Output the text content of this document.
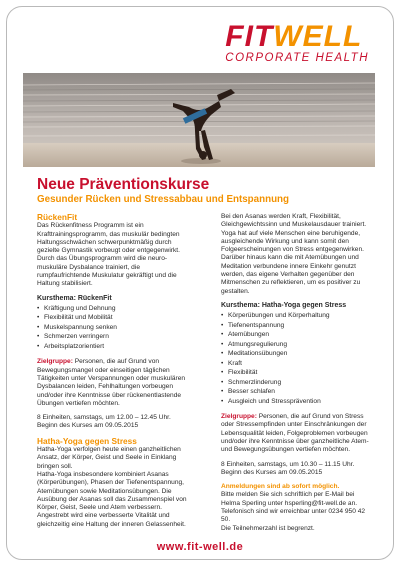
FITWELL
CORPORATE HEALTH
Neue Präventionskurse
Gesunder Rücken und Stressabbau und Entspannung
RückenFit

Das Rückenfitness Programm ist ein Krafttrainingsprogramm, das muskulär bedingten Haltungsschwächen schwerpunktmäßig durch gezielte Gymnastik vorbeugt oder entgegenwirkt. Durch das Übungsprogramm wird die neuro-muskuläre Dysbalance trainiert, die rumpfaufrichtende Muskulatur gekräftigt und die Haltung stabilisiert.

Kursthema: RückenFit
• Kräftigung und Dehnung
• Flexibilität und Mobilität
• Muskelspannung senken
• Schmerzen verringern
• Arbeitsplatzorientiert

Zielgruppe: Personen, die auf Grund von Bewegungsmangel oder einseitigen täglichen Tätigkeiten unter Verspannungen oder muskulären Dysbalancen leiden, Fehlhaltungen vorbeugen und/oder ihre Kenntnisse über rückenentlastende Übungen vertiefen möchten.

8 Einheiten, samstags, um 12.00 – 12.45 Uhr.

Beginn des Kurses am 09.05.2015

Hatha-Yoga gegen Stress

Hatha-Yoga verfolgen heute einen ganzheitlichen Ansatz, der Körper, Geist und Seele in Einklang bringen soll.

Hatha-Yoga insbesondere kombiniert Asanas (Körperübungen), Phasen der Tiefenentspannung, Atemübungen sowie Meditationsübungen. Die Ausübung der Asanas soll das Zusammenspiel von Körper, Geist, Seele und Atem verbessern. Angestrebt wird eine verbesserte Vitalität und gleichzeitig eine Haltung der inneren Gelassenheit.

Bei den Asanas werden Kraft, Flexibilität, Gleichgewichtssinn und Muskelausdauer trainiert. Yoga hat auf viele Menschen eine beruhigende, ausgleichende Wirkung und kann somit den Folgeerscheinungen von Stress entgegenwirken. Darüber hinaus kann die mit Atemübungen und Meditation verbundene innere Einkehr genutzt werden, das eigene Verhalten gegenüber den Mitmenschen zu reflektieren, um es positiver zu gestalten.

Kursthema: Hatha-Yoga gegen Stress
• Körperübungen und Körperhaltung
• Tiefenentspannung
• Atemübungen
• Atmungsregulierung
• Meditationsübungen
• Kraft
• Flexibilität
• Schmerzlinderung
• Besser schlafen
• Ausgleich und Stressprävention

Zielgruppe: Personen, die auf Grund von Stress oder Stressempfinden unter Einschränkungen der Lebensqualität leiden, Folgeproblemen vorbeugen und/oder ihre Kenntnisse über ganzheitliche Atem- und Bewegungsübungen vertiefen möchten.

8 Einheiten, samstags, um 10.30 – 11.15 Uhr.

Beginn des Kurses am 09.05.2015

Anmeldungen sind ab sofort möglich.

Bitte melden Sie sich schriftlich per E-Mail bei Helma Sperling unter hsperling@fit-well.de an. Telefonisch sind wir erreichbar unter 0234 950 42 50.

Die Teilnehmerzahl ist begrenzt.

www.fit-well.de
